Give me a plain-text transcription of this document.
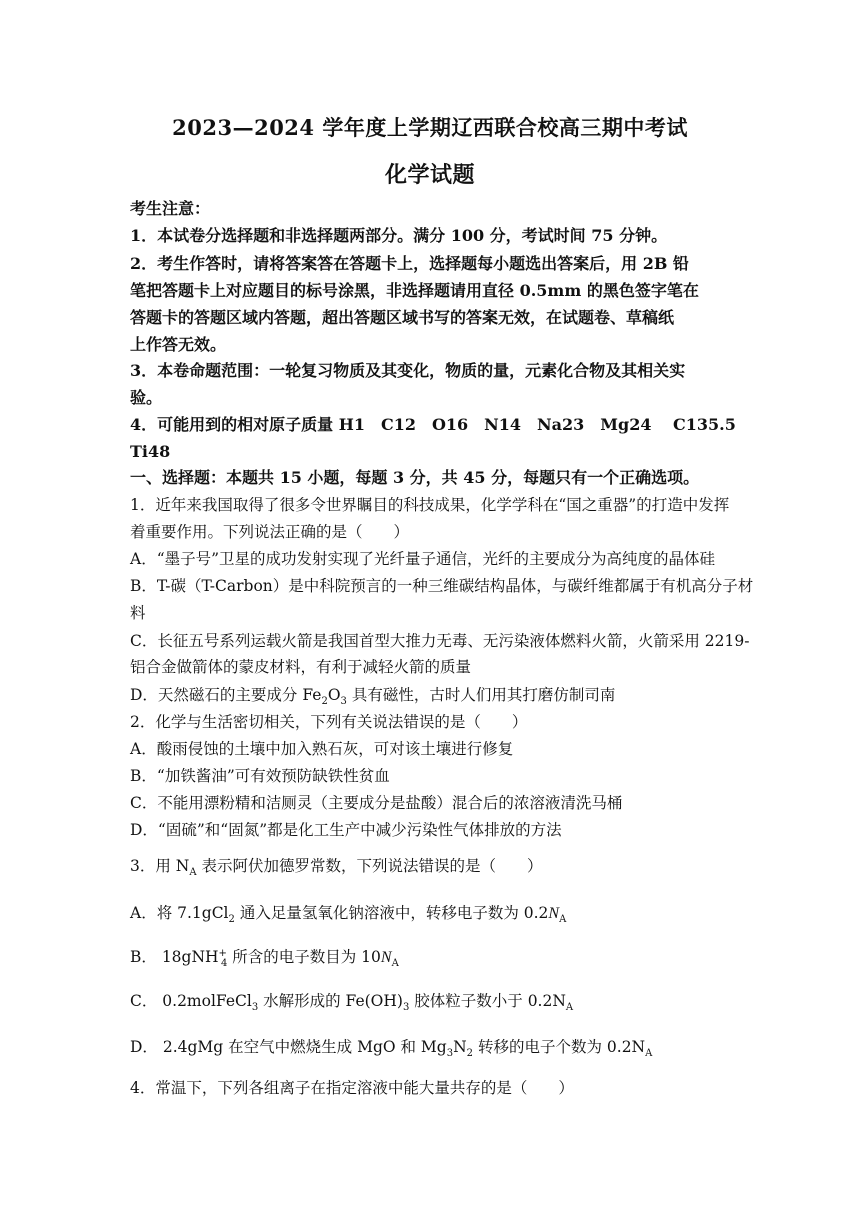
2023—2024 学年度上学期辽西联合校高三期中考试
化学试题
考生注意：
1．本试卷分选择题和非选择题两部分。满分 100 分，考试时间 75 分钟。
2．考生作答时，请将答案答在答题卡上，选择题每小题选出答案后，用 2B 铅
笔把答题卡上对应题目的标号涂黑，非选择题请用直径 0.5mm 的黑色签字笔在
答题卡的答题区域内答题，超出答题区域书写的答案无效，在试题卷、草稿纸
上作答无效。
3．本卷命题范围：一轮复习物质及其变化，物质的量，元素化合物及其相关实
验。
4．可能用到的相对原子质量 H1　C12　O16　N14　Na23　Mg24　 C135.5
Ti48
一、选择题：本题共 15 小题，每题 3 分，共 45 分，每题只有一个正确选项。
1．近年来我国取得了很多令世界瞩目的科技成果，化学学科在“国之重器”的打造中发挥
着重要作用。下列说法正确的是（　　）
A．“墨子号”卫星的成功发射实现了光纤量子通信，光纤的主要成分为高纯度的晶体硅
B．T-碳（T-Carbon）是中科院预言的一种三维碳结构晶体，与碳纤维都属于有机高分子材
料
C．长征五号系列运载火箭是我国首型大推力无毒、无污染液体燃料火箭，火箭采用 2219-
铝合金做箭体的蒙皮材料，有利于减轻火箭的质量
D．天然磁石的主要成分 $Fe_2O_3$ 具有磁性，古时人们用其打磨仿制司南
2．化学与生活密切相关，下列有关说法错误的是（　　）
A．酸雨侵蚀的土壤中加入熟石灰，可对该土壤进行修复
B．“加铁酱油”可有效预防缺铁性贫血
C．不能用漂粉精和洁厕灵（主要成分是盐酸）混合后的浓溶液清洗马桶
D．“固硫”和“固氮”都是化工生产中减少污染性气体排放的方法
3．用 $N_A$ 表示阿伏加德罗常数，下列说法错误的是（　　）
A．将 7.1gCl$_2$ 通入足量氢氧化钠溶液中，转移电子数为 $0.2N_A$
B． 18gNH+$_4$ 所含的电子数目为 $10N_A$
C． 0.2molFeCl$_3$ 水解形成的 $Fe(OH)_3$ 胶体粒子数小于 $0.2N_A$
D． 2.4gMg 在空气中燃烧生成 MgO 和 $Mg_3N_2$ 转移的电子个数为 $0.2N_A$
4．常温下，下列各组离子在指定溶液中能大量共存的是（　　）
